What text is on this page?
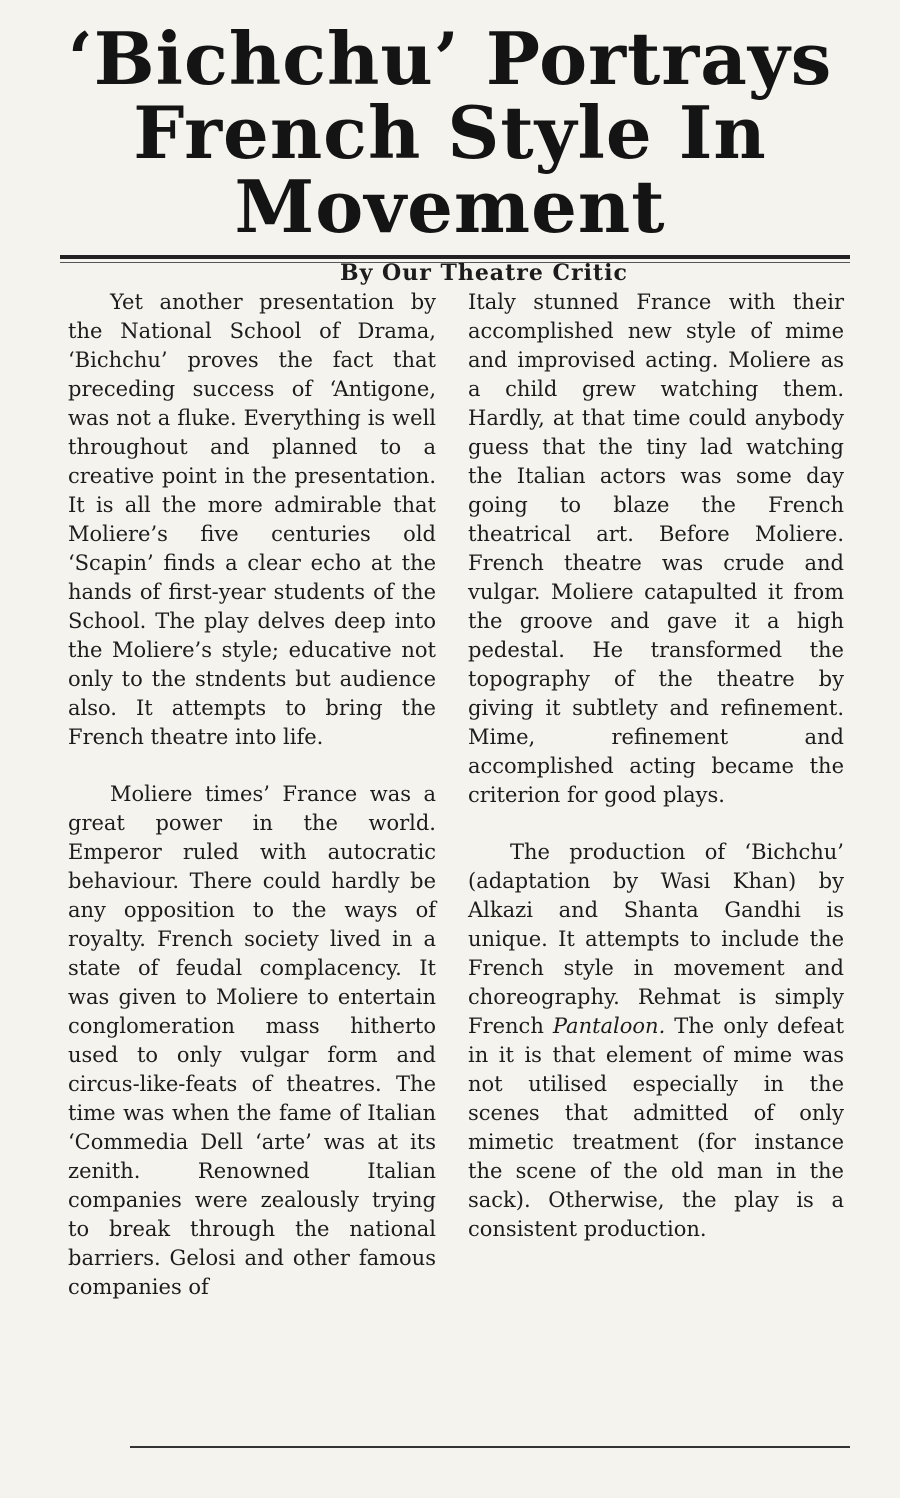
‘Bichchu’ Portrays
French Style In
Movement
By Our Theatre Critic

Yet another presentation by the National School of Drama, ‘Bichchu’ proves the fact that preceding success of ‘Antigone, was not a fluke. Everything is well throughout and planned to a creative point in the presentation. It is all the more admirable that Moliere’s five centuries old ‘Scapin’ finds a clear echo at the hands of first-year students of the School. The play delves deep into the Moliere’s style; educative not only to the stndents but audience also. It attempts to bring the French theatre into life.

Moliere times’ France was a great power in the world. Emperor ruled with autocratic behaviour. There could hardly be any opposition to the ways of royalty. French society lived in a state of feudal complacency. It was given to Moliere to entertain conglomeration mass hitherto used to only vulgar form and circus-like-feats of theatres. The time was when the fame of Italian ‘Commedia Dell ‘arte’ was at its zenith. Renowned Italian companies were zealously trying to break through the national barriers. Gelosi and other famous companies of

Italy stunned France with their accomplished new style of mime and improvised acting. Moliere as a child grew watching them. Hardly, at that time could anybody guess that the tiny lad watching the Italian actors was some day going to blaze the French theatrical art. Before Moliere. French theatre was crude and vulgar. Moliere catapulted it from the groove and gave it a high pedestal. He transformed the topography of the theatre by giving it subtlety and refinement. Mime, refinement and accomplished acting became the criterion for good plays.

The production of ‘Bichchu’ (adaptation by Wasi Khan) by Alkazi and Shanta Gandhi is unique. It attempts to include the French style in movement and choreography. Rehmat is simply French Pantaloon. The only defeat in it is that element of mime was not utilised especially in the scenes that admitted of only mimetic treatment (for instance the scene of the old man in the sack). Otherwise, the play is a consistent production.
